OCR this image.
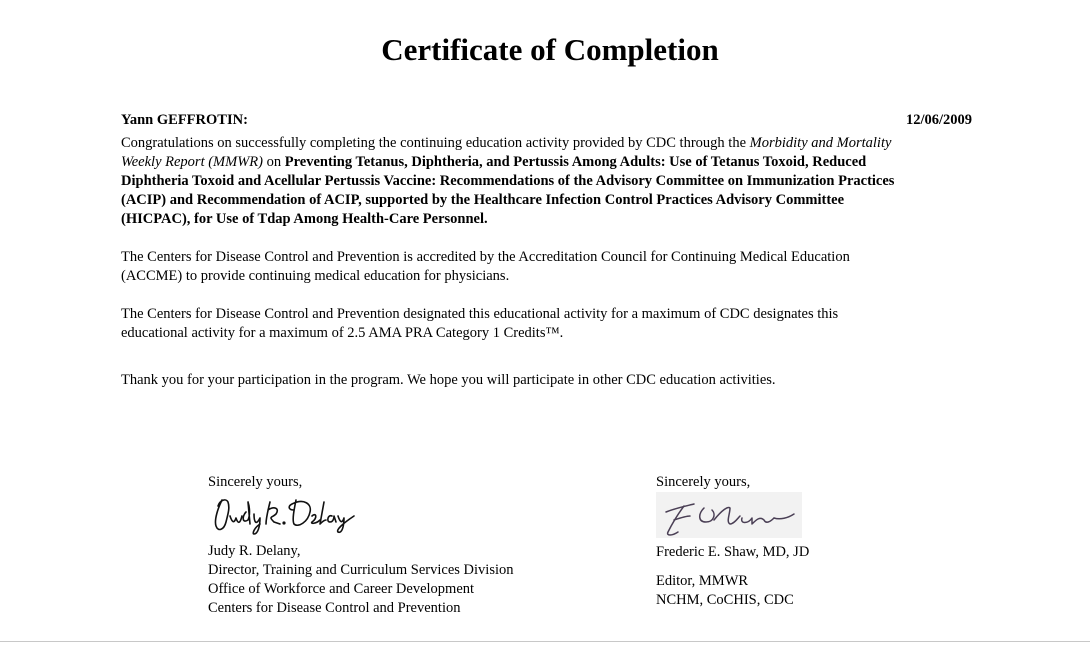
Certificate of Completion
Yann GEFFROTIN:	12/06/2009

Congratulations on successfully completing the continuing education activity provided by CDC through the Morbidity and Mortality Weekly Report (MMWR) on Preventing Tetanus, Diphtheria, and Pertussis Among Adults: Use of Tetanus Toxoid, Reduced Diphtheria Toxoid and Acellular Pertussis Vaccine: Recommendations of the Advisory Committee on Immunization Practices (ACIP) and Recommendation of ACIP, supported by the Healthcare Infection Control Practices Advisory Committee (HICPAC), for Use of Tdap Among Health-Care Personnel.

The Centers for Disease Control and Prevention is accredited by the Accreditation Council for Continuing Medical Education (ACCME) to provide continuing medical education for physicians.

The Centers for Disease Control and Prevention designated this educational activity for a maximum of CDC designates this educational activity for a maximum of 2.5 AMA PRA Category 1 Credits™.

Thank you for your participation in the program. We hope you will participate in other CDC education activities.

Sincerely yours,
Judy R. Delany,
Director, Training and Curriculum Services Division
Office of Workforce and Career Development
Centers for Disease Control and Prevention
Sincerely yours,
Frederic E. Shaw, MD, JD
Editor, MMWR
NCHM, CoCHIS, CDC
